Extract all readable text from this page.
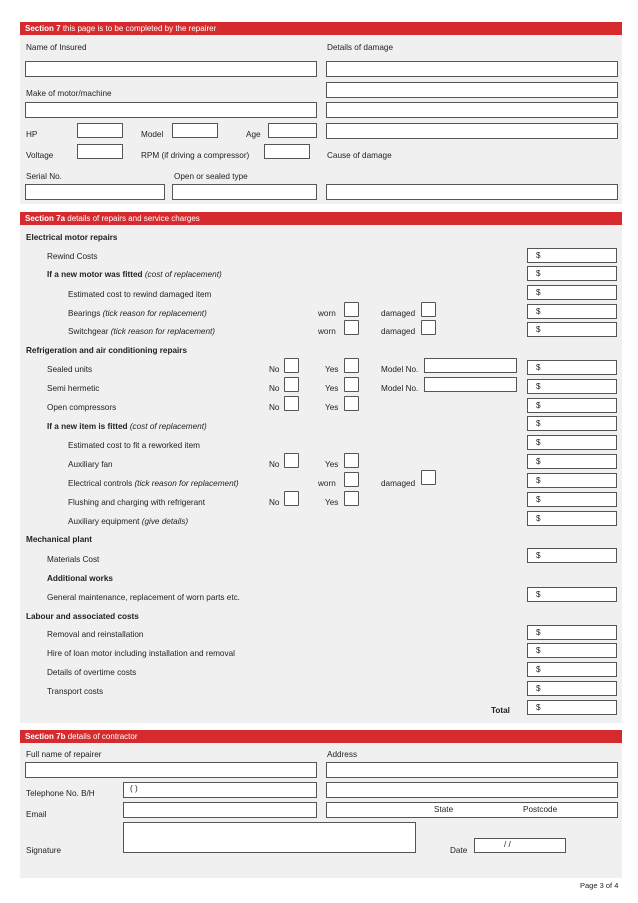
Section 7 this page is to be completed by the repairer
Name of Insured	Details of damage
Make of motor/machine
HP	Model	Age
Voltage	RPM (if driving a compressor)	Cause of damage
Serial No.	Open or sealed type
Section 7a details of repairs and service charges
Electrical motor repairs
Rewind Costs	$
If a new motor was fitted (cost of replacement)	$
Estimated cost to rewind damaged item	$
Bearings (tick reason for replacement)	worn	damaged	$
Switchgear (tick reason for replacement)	worn	damaged	$
Refrigeration and air conditioning repairs
Sealed units	No	Yes	Model No.	$
Semi hermetic	No	Yes	Model No.	$
Open compressors	No	Yes	$
If a new item is fitted (cost of replacement)	$
Estimated cost to fit a reworked item	$
Auxiliary fan	No	Yes	$
Electrical controls (tick reason for replacement)	worn	damaged	$
Flushing and charging with refrigerant	No	Yes	$
Auxiliary equipment (give details)	$
Mechanical plant
Materials Cost	$
Additional works
General maintenance, replacement of worn parts etc.	$
Labour and associated costs
Removal and reinstallation	$
Hire of loan motor including installation and removal	$
Details of overtime costs	$
Transport costs	$
Total	$
Section 7b details of contractor
Full name of repairer	Address
Telephone No. B/H
( )
Email
State	Postcode
Signature	Date
/ /
Page 3 of 4
